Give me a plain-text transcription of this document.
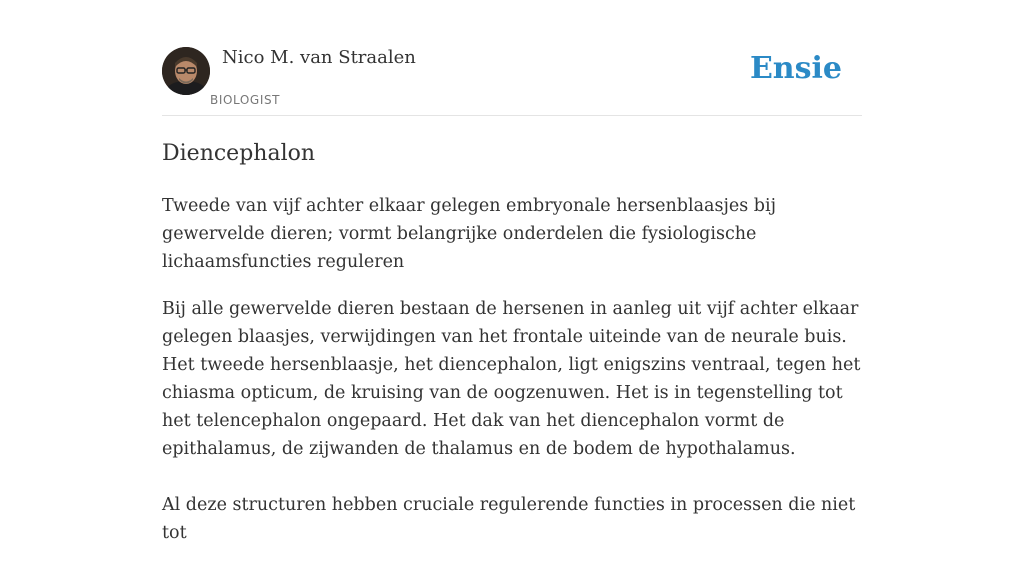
Nico M. van Straalen
BIOLOGIST
Ensie
Diencephalon

Tweede van vijf achter elkaar gelegen embryonale hersenblaasjes bij gewervelde dieren; vormt belangrijke onderdelen die fysiologische lichaamsfuncties reguleren

Bij alle gewervelde dieren bestaan de hersenen in aanleg uit vijf achter elkaar gelegen blaasjes, verwijdingen van het frontale uiteinde van de neurale buis. Het tweede hersenblaasje, het diencephalon, ligt enigszins ventraal, tegen het chiasma opticum, de kruising van de oogzenuwen. Het is in tegenstelling tot het telencephalon ongepaard. Het dak van het diencephalon vormt de epithalamus, de zijwanden de thalamus en de bodem de hypothalamus.

Al deze structuren hebben cruciale regulerende functies in processen die niet tot
